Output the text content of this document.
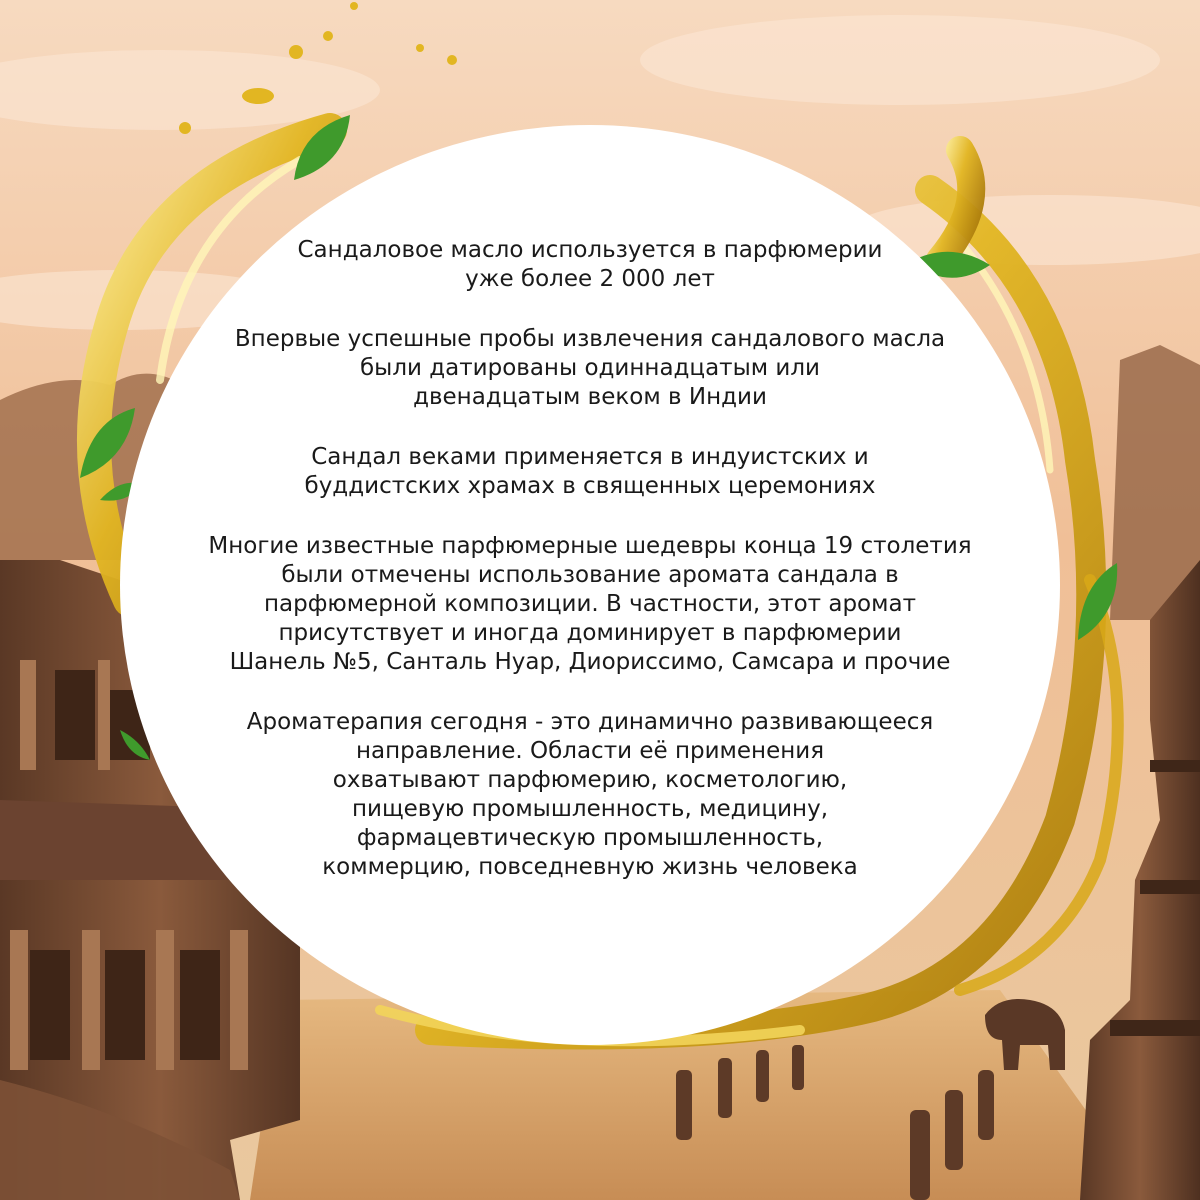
Сандаловое масло используется в парфюмерии
уже более 2 000 лет
Впервые успешные пробы извлечения сандалового масла
были датированы одиннадцатым или
двенадцатым веком в Индии
Сандал веками применяется в индуистских и
буддистских храмах в священных церемониях
Многие известные парфюмерные шедевры конца 19 столетия
были отмечены использование аромата сандала в
парфюмерной композиции. В частности, этот аромат
присутствует и иногда доминирует в парфюмерии
Шанель №5, Санталь Нуар, Диориссимо, Самсара и прочие
Ароматерапия сегодня - это динамично развивающееся
направление. Области её применения
охватывают парфюмерию, косметологию,
пищевую промышленность, медицину,
фармацевтическую промышленность,
коммерцию, повседневную жизнь человека
